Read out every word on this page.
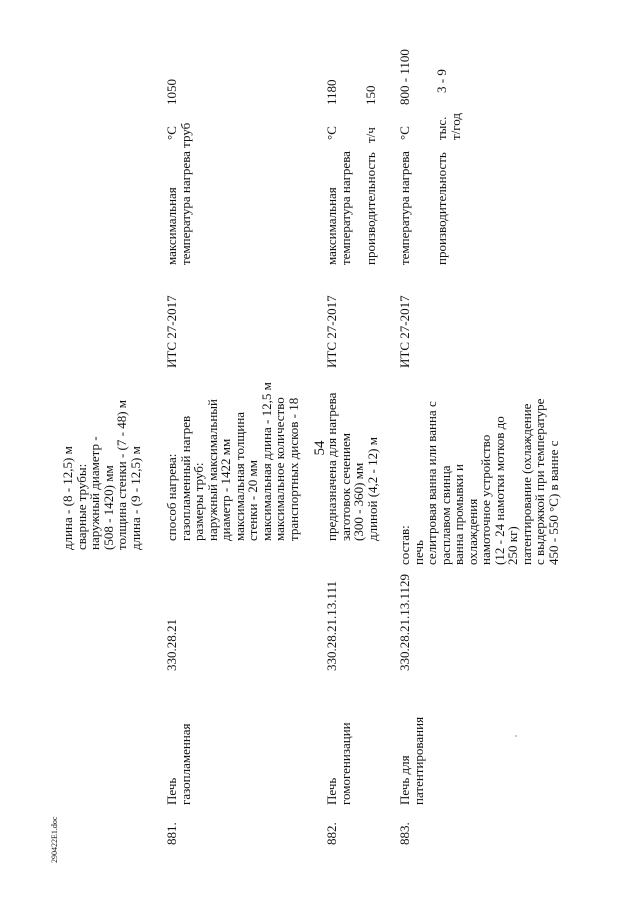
54
290422E1.doc
длина - (8 - 12,5) м
сварные трубы:
наружный диаметр -
(508 - 1420) мм
толщина стенки - (7 - 48) м
длина - (9 - 12,5) м
881.
Печь
газопламенная
330.28.21
способ нагрева:
газопламенный нагрев
размеры труб:
наружный максимальный
диаметр - 1422 мм
максимальная толщина
стенки - 20 мм
максимальная длина - 12,5 м
максимальное количество
транспортных дисков - 18
ИТС 27-2017
максимальная
температура нагрева труб
°С
1050
882.
Печь
гомогенизации
330.28.21.13.111
предназначена для нагрева
заготовок сечением
(300 - 360) мм
длиной (4,2 - 12) м
ИТС 27-2017
максимальная
температура нагрева
°С
1180
производительность
т/ч
150
883.
Печь для
патентирования
330.28.21.13.1129
состав:
печь
селитровая ванна или ванна с
расплавом свинца
ванна промывки и
охлаждения
намоточное устройство
(12 - 24 намотки мотков до
250 кг)
патентирование (охлаждение
с выдержкой при температуре
450 - 550 °С) в ванне с
ИТС 27-2017
температура нагрева
°С
800 - 1100
производительность
тыс. т/год
3 - 9
